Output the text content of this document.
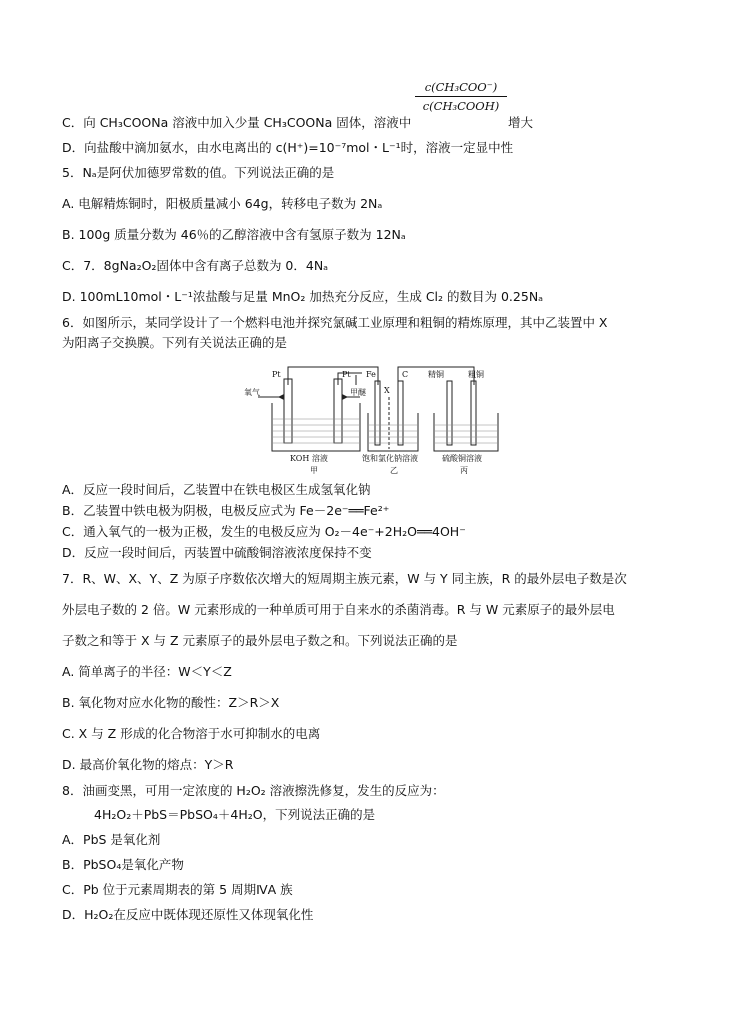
c(CH₃COO⁻)
c(CH₃COOH)
C．向 CH₃COONa 溶液中加入少量 CH₃COONa 固体，溶液中	增大
D．向盐酸中滴加氨水，由水电离出的 c(H⁺)=10⁻⁷mol・L⁻¹时，溶液一定显中性
5．Nₐ是阿伏加德罗常数的值。下列说法正确的是
A. 电解精炼铜时，阳极质量减小 64g，转移电子数为 2Nₐ
B. 100g 质量分数为 46％的乙醇溶液中含有氢原子数为 12Nₐ
C．7．8gNa₂O₂固体中含有离子总数为 0．4Nₐ
D. 100mL10mol・L⁻¹浓盐酸与足量 MnO₂ 加热充分反应，生成 Cl₂ 的数目为 0.25Nₐ
6．如图所示，某同学设计了一个燃料电池并探究氯碱工业原理和粗铜的精炼原理，其中乙装置中 X
为阳离子交换膜。下列有关说法正确的是
Pt	Pt Fe	C
X
精铜	粗铜
氧气	甲醚
KOH 溶液
甲
饱和氯化钠溶液
乙
硫酸铜溶液
丙
A．反应一段时间后，乙装置中在铁电极区生成氢氧化钠
B．乙装置中铁电极为阴极，电极反应式为 Fe－2e⁻══Fe²⁺
C．通入氧气的一极为正极，发生的电极反应为 O₂－4e⁻+2H₂O══4OH⁻
D．反应一段时间后，丙装置中硫酸铜溶液浓度保持不变
7．R、W、X、Y、Z 为原子序数依次增大的短周期主族元素，W 与 Y 同主族，R 的最外层电子数是次
外层电子数的 2 倍。W 元素形成的一种单质可用于自来水的杀菌消毒。R 与 W 元素原子的最外层电
子数之和等于 X 与 Z 元素原子的最外层电子数之和。下列说法正确的是
A. 简单离子的半径：W＜Y＜Z
B. 氧化物对应水化物的酸性：Z＞R＞X
C. X 与 Z 形成的化合物溶于水可抑制水的电离
D. 最高价氧化物的熔点：Y＞R
8．油画变黑，可用一定浓度的 H₂O₂ 溶液擦洗修复，发生的反应为：
4H₂O₂＋PbS＝PbSO₄＋4H₂O，下列说法正确的是
A．PbS 是氧化剂
B．PbSO₄是氧化产物
C．Pb 位于元素周期表的第 5 周期ⅣA 族
D．H₂O₂在反应中既体现还原性又体现氧化性
